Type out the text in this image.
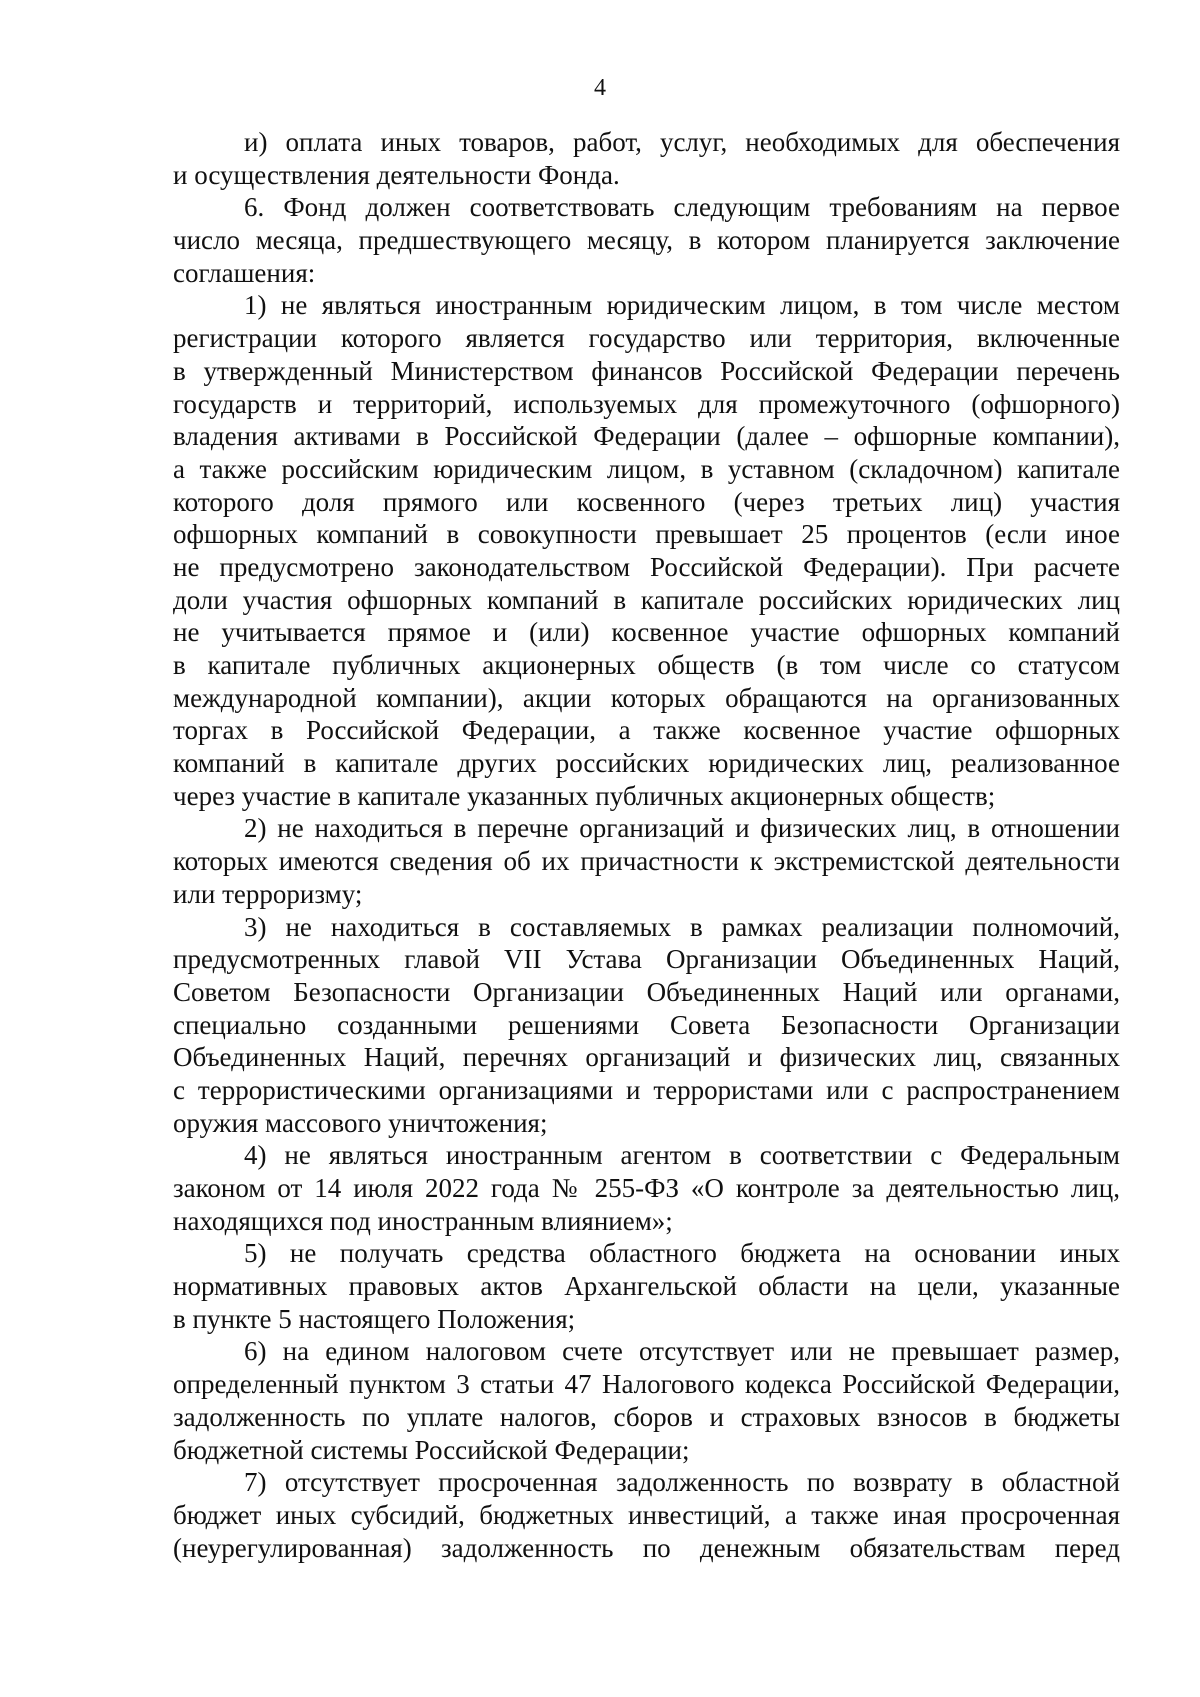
4
и) оплата иных товаров, работ, услуг, необходимых для обеспечения
и осуществления деятельности Фонда.
6. Фонд должен соответствовать следующим требованиям на первое
число месяца, предшествующего месяцу, в котором планируется заключение
соглашения:
1) не являться иностранным юридическим лицом, в том числе местом
регистрации которого является государство или территория, включенные
в утвержденный Министерством финансов Российской Федерации перечень
государств и территорий, используемых для промежуточного (офшорного)
владения активами в Российской Федерации (далее – офшорные компании),
а также российским юридическим лицом, в уставном (складочном) капитале
которого доля прямого или косвенного (через третьих лиц) участия
офшорных компаний в совокупности превышает 25 процентов (если иное
не предусмотрено законодательством Российской Федерации). При расчете
доли участия офшорных компаний в капитале российских юридических лиц
не учитывается прямое и (или) косвенное участие офшорных компаний
в капитале публичных акционерных обществ (в том числе со статусом
международной компании), акции которых обращаются на организованных
торгах в Российской Федерации, а также косвенное участие офшорных
компаний в капитале других российских юридических лиц, реализованное
через участие в капитале указанных публичных акционерных обществ;
2) не находиться в перечне организаций и физических лиц, в отношении
которых имеются сведения об их причастности к экстремистской деятельности
или терроризму;
3) не находиться в составляемых в рамках реализации полномочий,
предусмотренных главой VII Устава Организации Объединенных Наций,
Советом Безопасности Организации Объединенных Наций или органами,
специально созданными решениями Совета Безопасности Организации
Объединенных Наций, перечнях организаций и физических лиц, связанных
с террористическими организациями и террористами или с распространением
оружия массового уничтожения;
4) не являться иностранным агентом в соответствии с Федеральным
законом от 14 июля 2022 года № 255-ФЗ «О контроле за деятельностью лиц,
находящихся под иностранным влиянием»;
5) не получать средства областного бюджета на основании иных
нормативных правовых актов Архангельской области на цели, указанные
в пункте 5 настоящего Положения;
6) на едином налоговом счете отсутствует или не превышает размер,
определенный пунктом 3 статьи 47 Налогового кодекса Российской Федерации,
задолженность по уплате налогов, сборов и страховых взносов в бюджеты
бюджетной системы Российской Федерации;
7) отсутствует просроченная задолженность по возврату в областной
бюджет иных субсидий, бюджетных инвестиций, а также иная просроченная
(неурегулированная) задолженность по денежным обязательствам перед
